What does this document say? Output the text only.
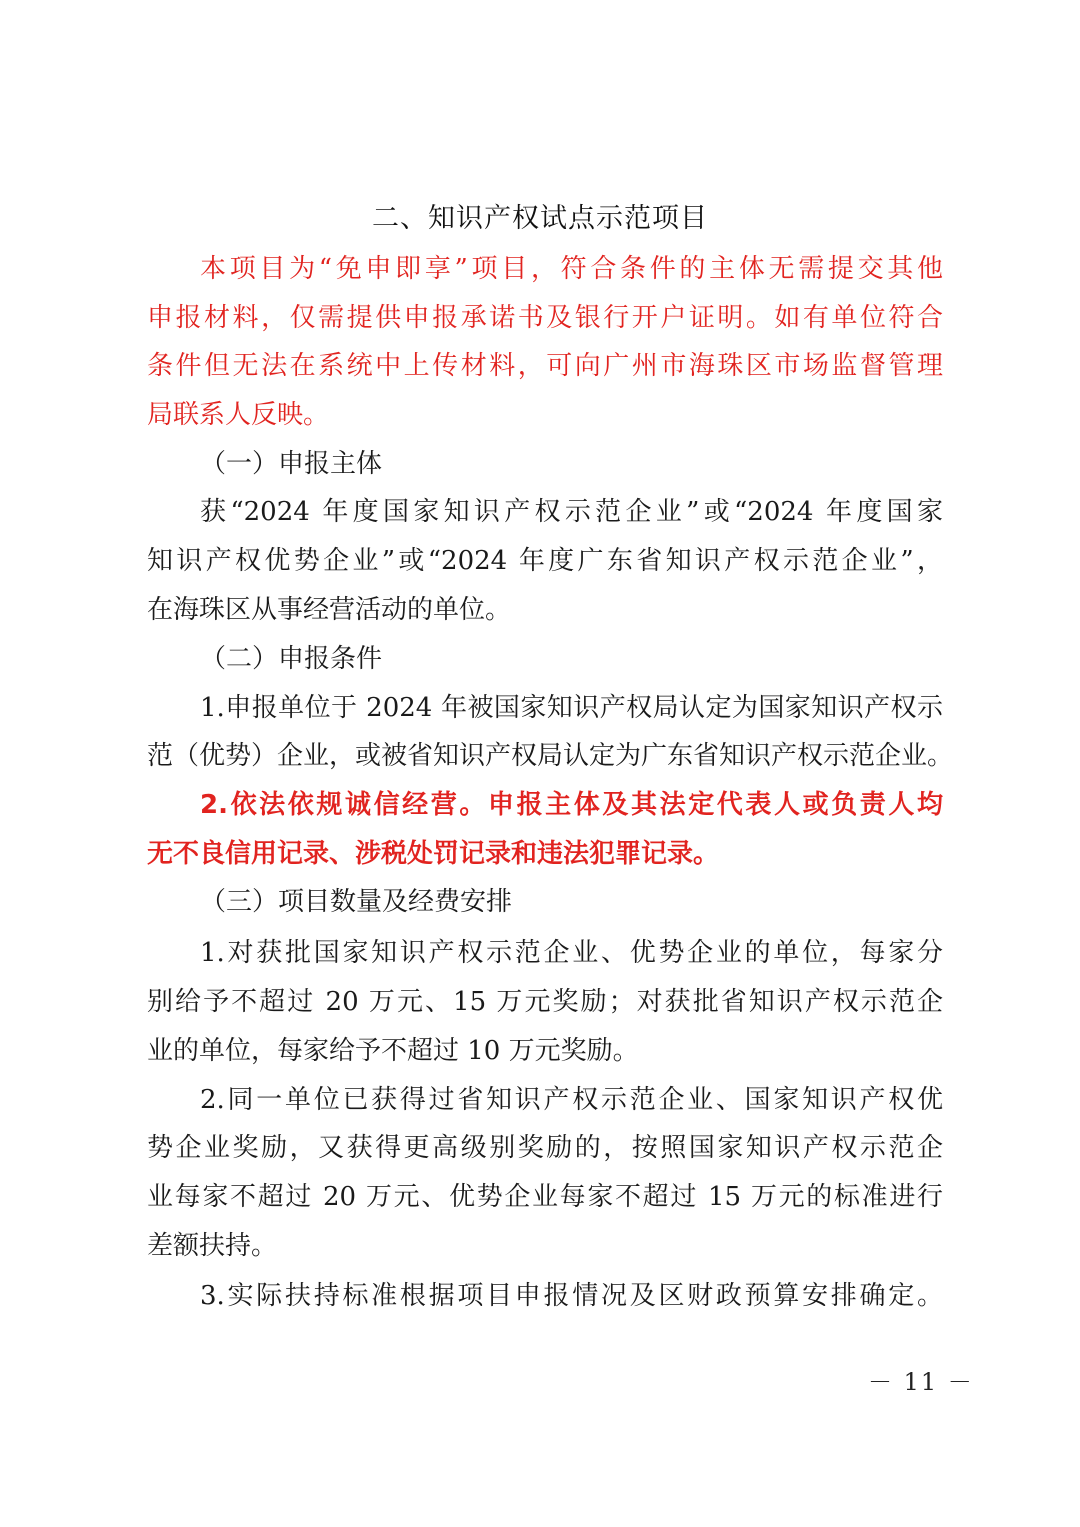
二、知识产权试点示范项目
本项目为“免申即享”项目，符合条件的主体无需提交其他
申报材料，仅需提供申报承诺书及银行开户证明。如有单位符合
条件但无法在系统中上传材料，可向广州市海珠区市场监督管理
局联系人反映。
（一）申报主体
获“2024 年度国家知识产权示范企业”或“2024 年度国家
知识产权优势企业”或“2024 年度广东省知识产权示范企业”，
在海珠区从事经营活动的单位。
（二）申报条件
1.申报单位于 2024 年被国家知识产权局认定为国家知识产权示
范（优势）企业，或被省知识产权局认定为广东省知识产权示范企业。
2.依法依规诚信经营。申报主体及其法定代表人或负责人均
无不良信用记录、涉税处罚记录和违法犯罪记录。
（三）项目数量及经费安排
1.对获批国家知识产权示范企业、优势企业的单位，每家分
别给予不超过 20 万元、15 万元奖励；对获批省知识产权示范企
业的单位，每家给予不超过 10 万元奖励。
2.同一单位已获得过省知识产权示范企业、国家知识产权优
势企业奖励，又获得更高级别奖励的，按照国家知识产权示范企
业每家不超过 20 万元、优势企业每家不超过 15 万元的标准进行
差额扶持。
3.实际扶持标准根据项目申报情况及区财政预算安排确定。
－ 11 －
